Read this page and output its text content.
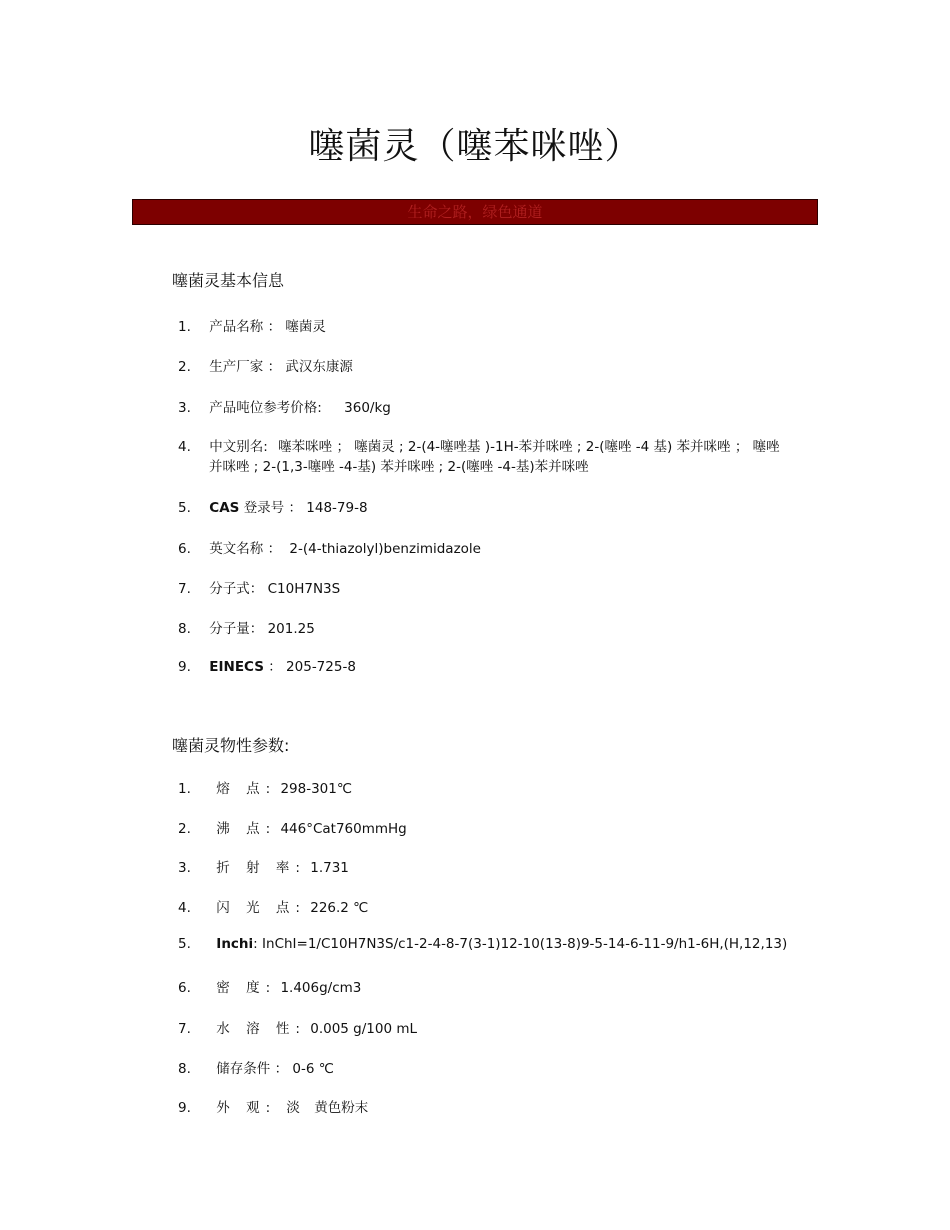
噻菌灵（噻苯咪唑）
生命之路，绿色通道
噻菌灵基本信息
1. 产品名称 ： 噻菌灵
2. 生产厂家 ： 武汉东康源
3. 产品吨位参考价格: 360/kg
4. 中文别名: 噻苯咪唑 ； 噻菌灵 ; 2-(4-噻唑基 )-1H-苯并咪唑 ; 2-(噻唑 -4 基) 苯并咪唑 ； 噻唑
并咪唑 ; 2-(1,3-噻唑 -4-基) 苯并咪唑 ; 2-(噻唑 -4-基)苯并咪唑
5. CAS 登录号 ： 148-79-8
6. 英文名称 ： 2-(4-thiazolyl)benzimidazole
7. 分子式： C10H7N3S
8. 分子量： 201.25
9. EINECS ： 205-725-8
噻菌灵物性参数:
1. 熔 点: 298-301℃
2. 沸 点: 446°Cat760mmHg
3. 折 射 率: 1.731
4. 闪 光 点: 226.2 ℃
5. Inchi: InChI=1/C10H7N3S/c1-2-4-8-7(3-1)12-10(13-8)9-5-14-6-11-9/h1-6H,(H,12,13)
6. 密 度: 1.406g/cm3
7. 水 溶 性: 0.005 g/100 mL
8. 储存条件 ： 0-6 ℃
9. 外 观: 淡 黄色粉末
